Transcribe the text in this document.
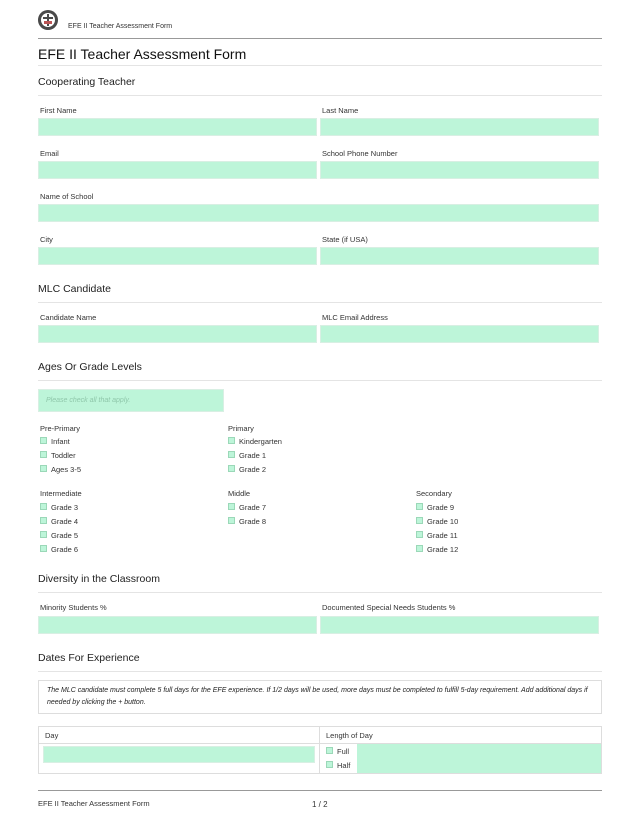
EFE II Teacher Assessment Form
EFE II Teacher Assessment Form
Cooperating Teacher
First Name	Last Name
Email	School Phone Number
Name of School
City	State (if USA)
MLC Candidate
Candidate Name	MLC Email Address
Ages Or Grade Levels
Please check all that apply.
Pre-Primary
Infant
Toddler
Ages 3-5
Primary
Kindergarten
Grade 1
Grade 2
Intermediate
Grade 3
Grade 4
Grade 5
Grade 6
Middle
Grade 7
Grade 8
Secondary
Grade 9
Grade 10
Grade 11
Grade 12
Diversity in the Classroom
Minority Students %	Documented Special Needs Students %
Dates For Experience
The MLC candidate must complete 5 full days for the EFE experience. If 1/2 days will be used, more days must be completed to fulfill 5-day requirement. Add additional days if needed by clicking the + button.
Day	Length of Day
Full
Half
EFE II Teacher Assessment Form	1 / 2
